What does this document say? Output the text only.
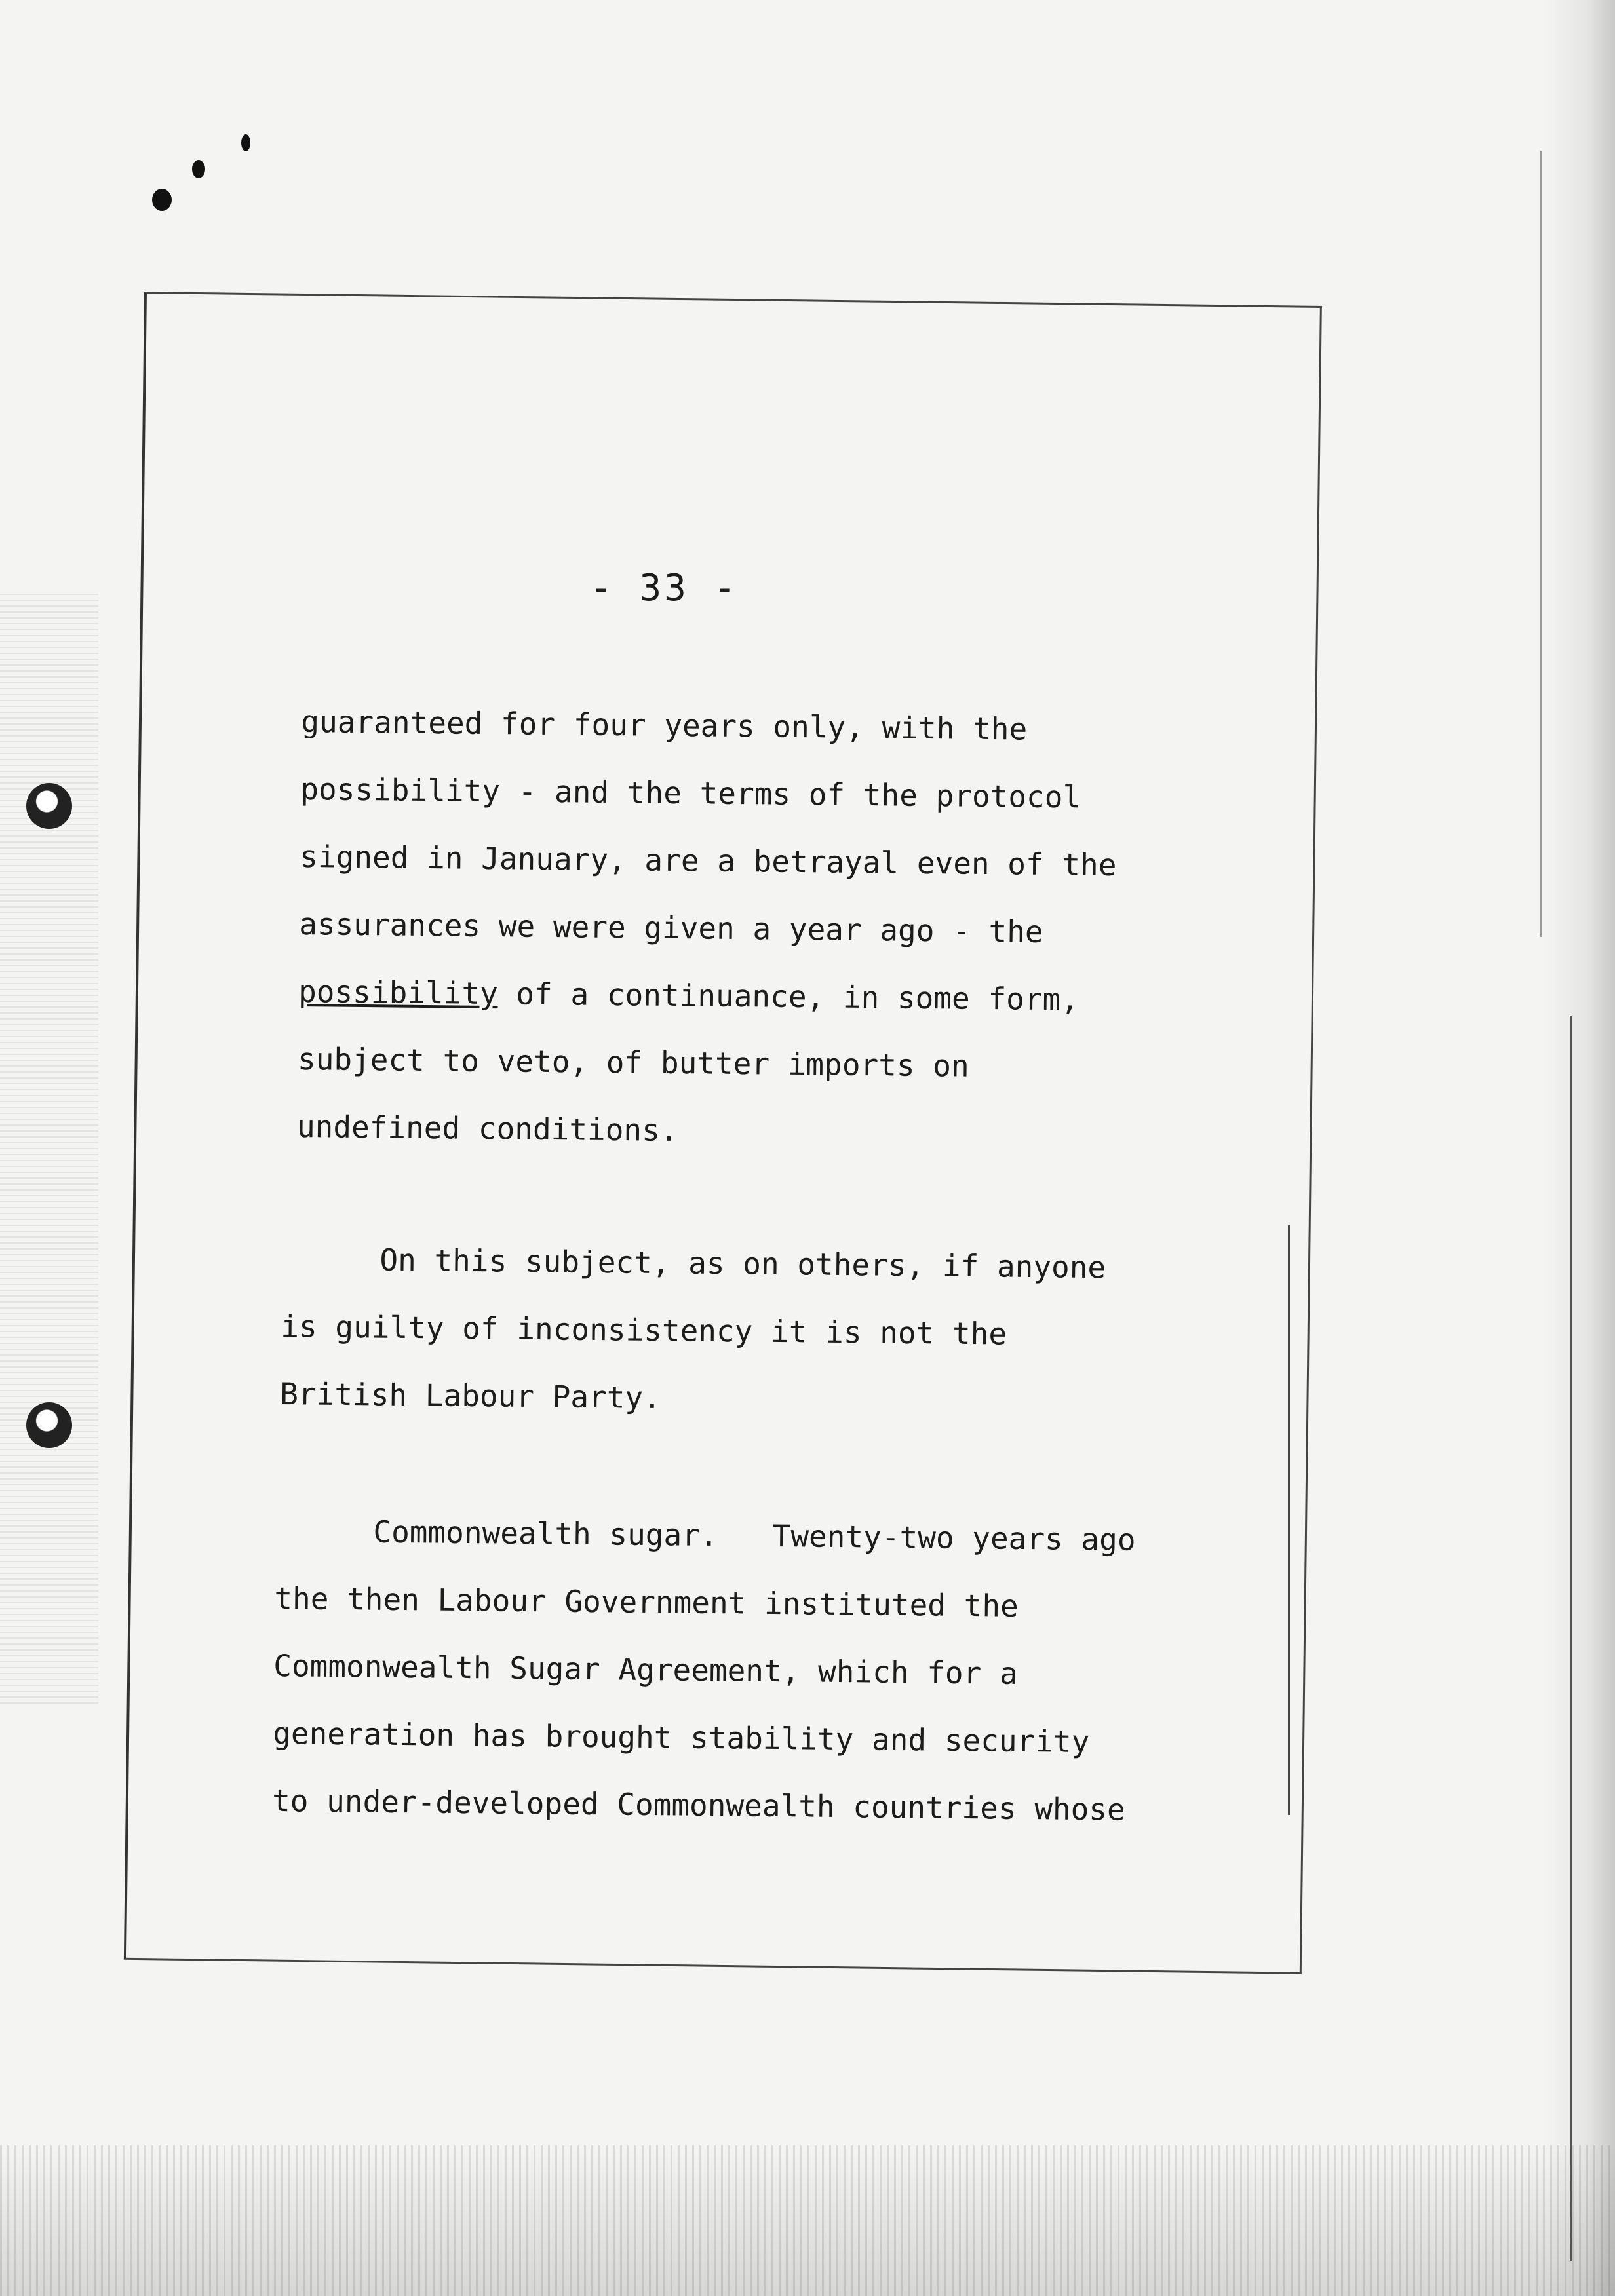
- 33 -
guaranteed for four years only, with the
possibility - and the terms of the protocol
signed in January, are a betrayal even of the
assurances we were given a year ago - the
possibility of a continuance, in some form,
subject to veto, of butter imports on
undefined conditions.
On this subject, as on others, if anyone
is guilty of inconsistency it is not the
British Labour Party.
Commonwealth sugar.   Twenty-two years ago
the then Labour Government instituted the
Commonwealth Sugar Agreement, which for a
generation has brought stability and security
to under-developed Commonwealth countries whose
